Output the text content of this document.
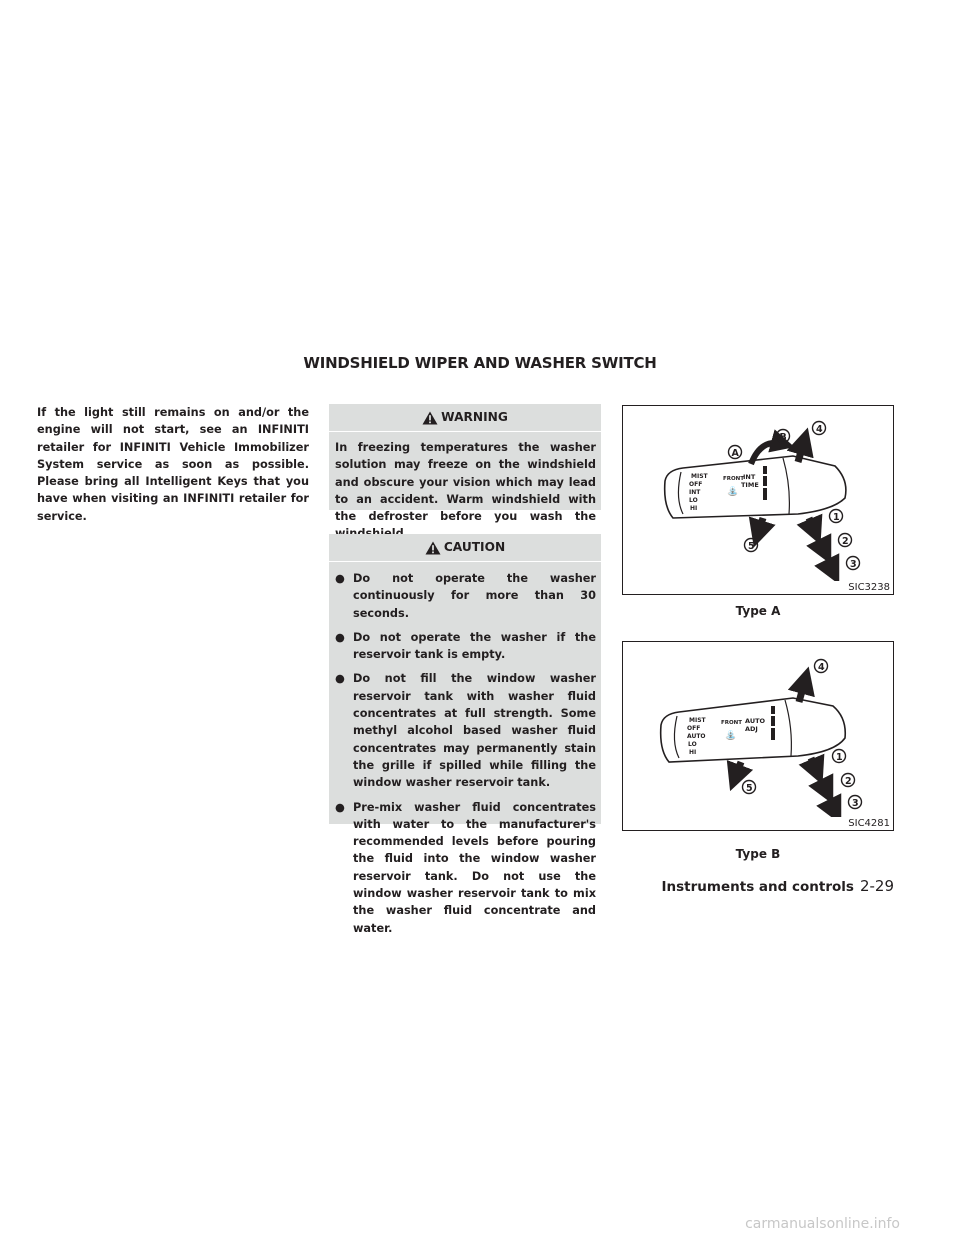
WINDSHIELD WIPER AND WASHER SWITCH

If the light still remains on and/or the engine will not start, see an INFINITI retailer for INFINITI Vehicle Immobilizer System service as soon as possible. Please bring all Intelligent Keys that you have when visiting an INFINITI retailer for service.

WARNING
In freezing temperatures the washer solution may freeze on the windshield and obscure your vision which may lead to an accident. Warm windshield with the defroster before you wash the
CAUTION
● Do not operate the washer continuously for more than 30 seconds.
● Do not operate the washer if the reservoir tank is empty.
● Do not fill the window washer reservoir tank with washer fluid concentrates at full strength. Some methyl alcohol based washer fluid concentrates may permanently stain the grille if spilled while filling the window washer reservoir tank.
● Pre-mix washer fluid concentrates with water to the manufacturer's recommended levels before pouring the fluid into the window washer reservoir tank. Do not use the window washer reservoir tank to mix the washer fluid concentrate and water.
MIST
OFF
INT
LO
HI
FRONT
⛲
INT
TIME
A
B
1
2
3
4
5
SIC3238
Type A
MIST
OFF
AUTO
LO
HI
FRONT
⛲
AUTO
ADJ
1
2
3
4
5
SIC4281
Type B
Instruments and controls 2-29
carmanualsonline.info
